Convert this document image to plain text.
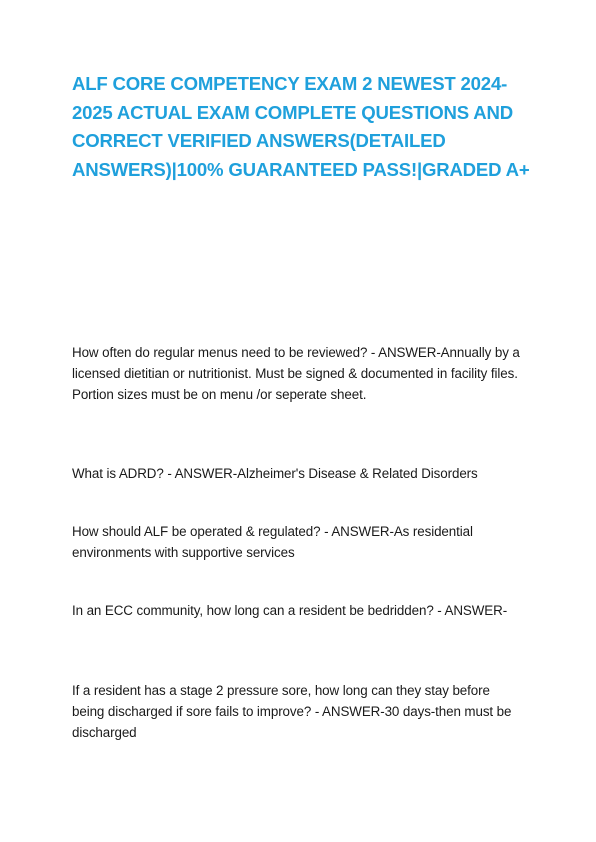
ALF CORE COMPETENCY EXAM 2 NEWEST 2024-2025 ACTUAL EXAM COMPLETE QUESTIONS AND CORRECT VERIFIED ANSWERS(DETAILED ANSWERS)|100% GUARANTEED PASS!|GRADED A+

How often do regular menus need to be reviewed? - ANSWER-Annually by a licensed dietitian or nutritionist. Must be signed & documented in facility files. Portion sizes must be on menu /or seperate sheet.

What is ADRD? - ANSWER-Alzheimer's Disease & Related Disorders

How should ALF be operated & regulated? - ANSWER-As residential environments with supportive services

In an ECC community, how long can a resident be bedridden? - ANSWER-

If a resident has a stage 2 pressure sore, how long can they stay before being discharged if sore fails to improve? - ANSWER-30 days-then must be discharged
